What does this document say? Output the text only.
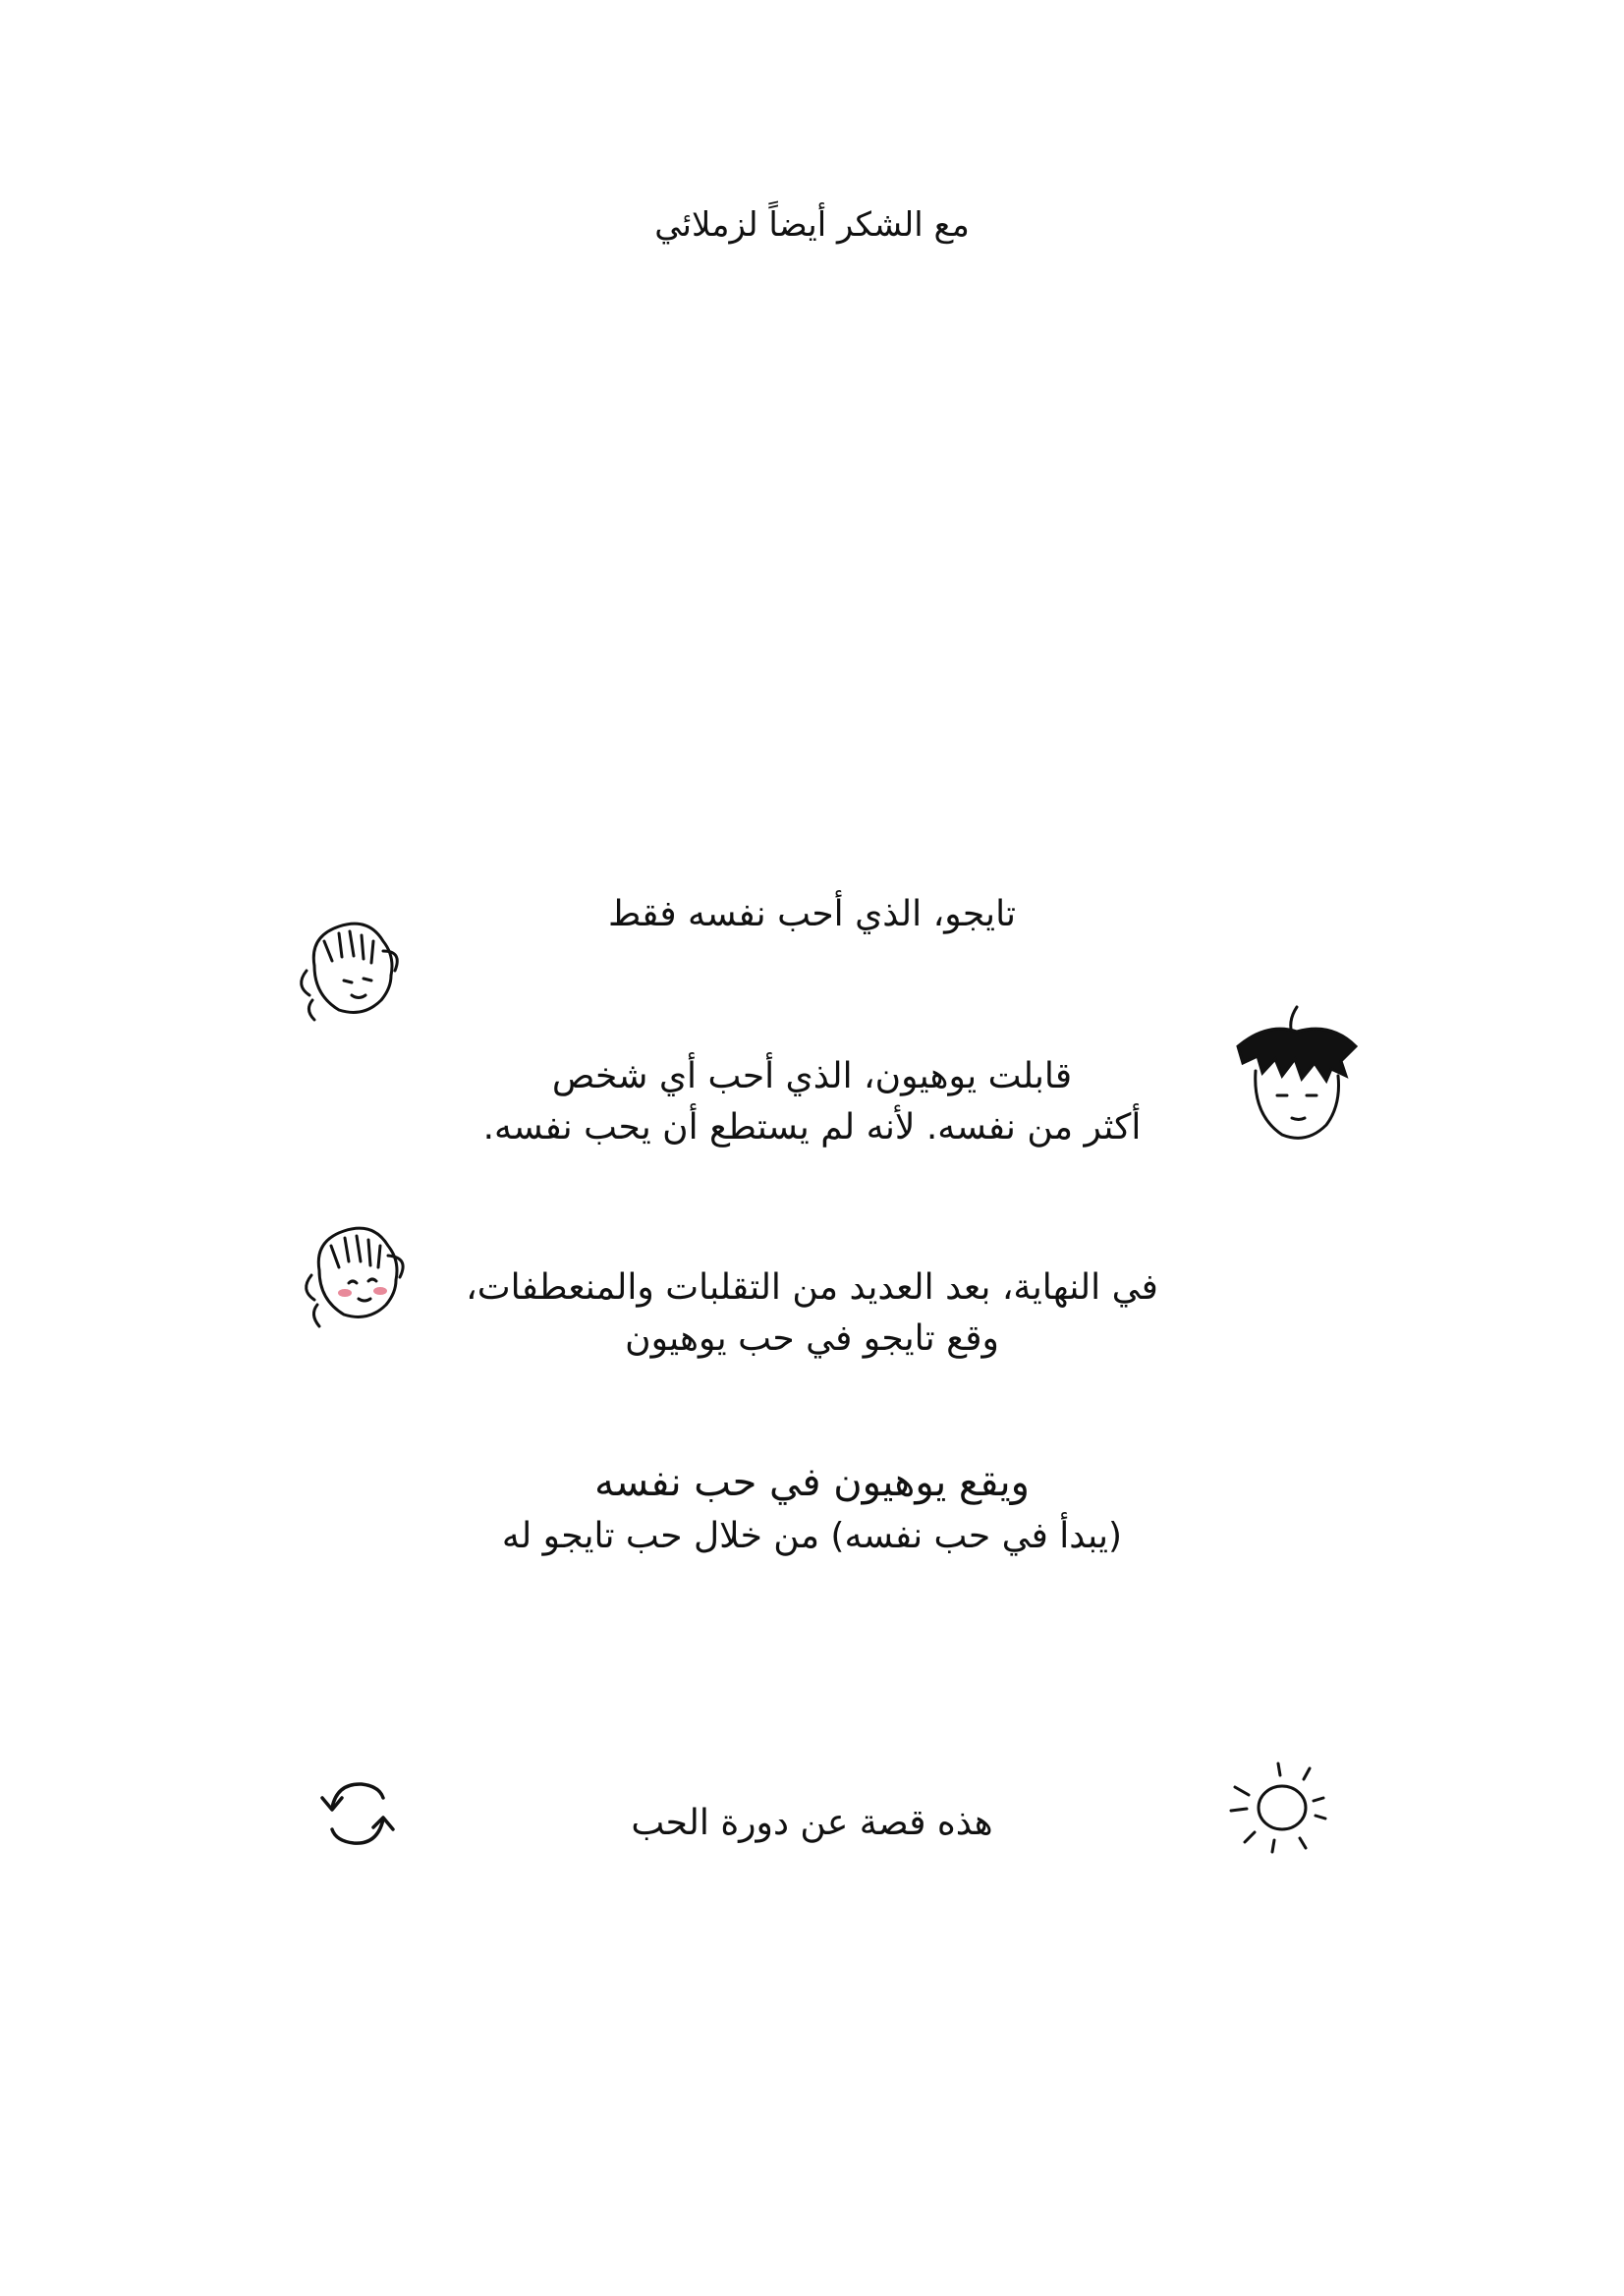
مع الشكر أيضاً لزملائي
تايجو، الذي أحب نفسه فقط
قابلت يوهيون، الذي أحب أي شخص
أكثر من نفسه. لأنه لم يستطع أن يحب نفسه.
في النهاية، بعد العديد من التقلبات والمنعطفات،
وقع تايجو في حب يوهيون
ويقع يوهيون في حب نفسه
(يبدأ في حب نفسه) من خلال حب تايجو له
هذه قصة عن دورة الحب
